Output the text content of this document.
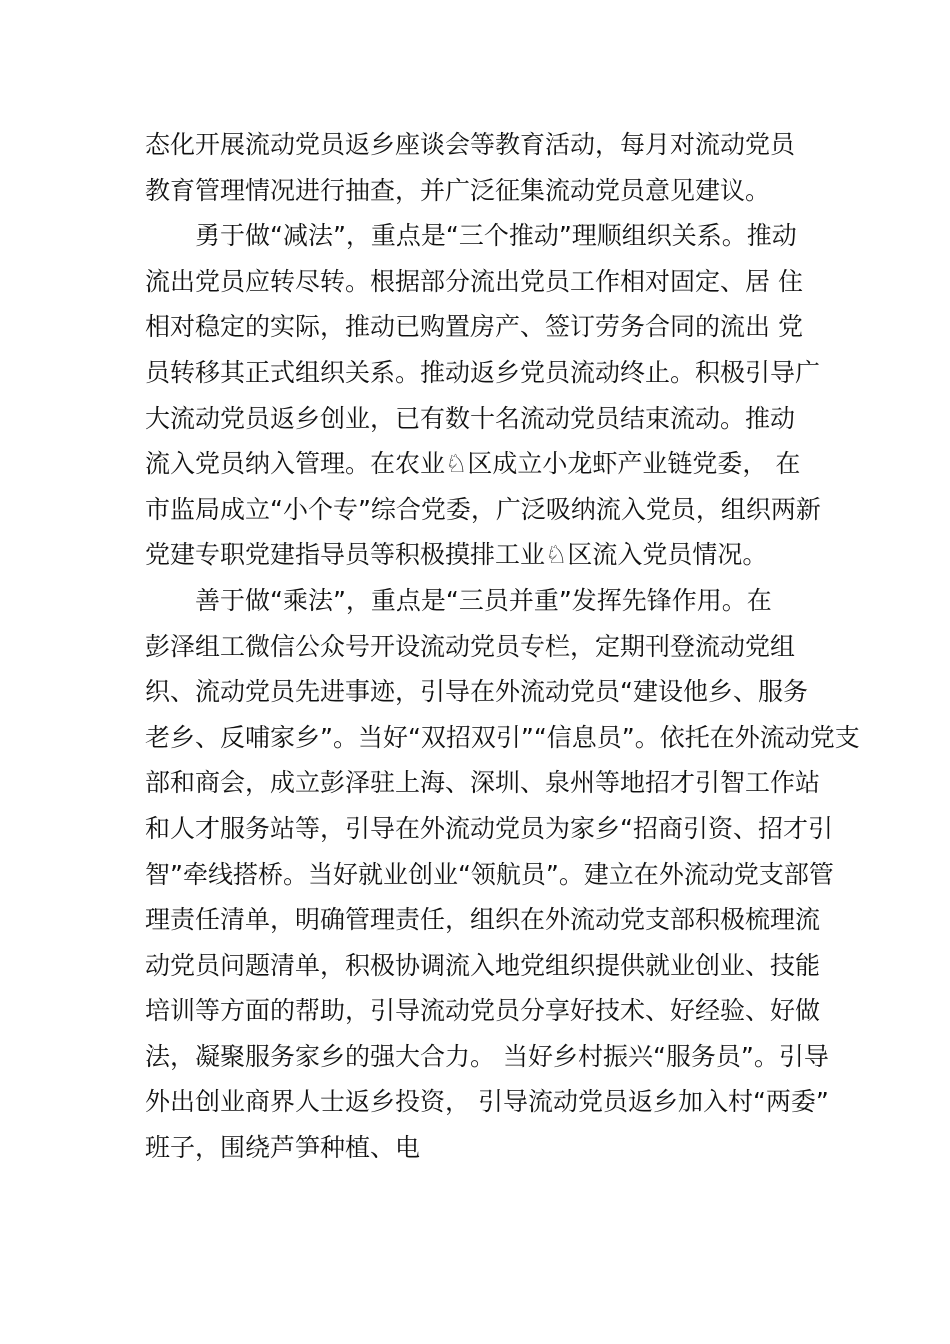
态化开展流动党员返乡座谈会等教育活动，每月对流动党员
教育管理情况进行抽查，并广泛征集流动党员意见建议。
勇于做“减法”，重点是“三个推动”理顺组织关系。推动
流出党员应转尽转。根据部分流出党员工作相对固定、居 住
相对稳定的实际，推动已购置房产、签订劳务合同的流出 党
员转移其正式组织关系。推动返乡党员流动终止。积极引导广
大流动党员返乡创业，已有数十名流动党员结束流动。推动
流入党员纳入管理。在农业♘区成立小龙虾产业链党委， 在
市监局成立“小个专”综合党委，广泛吸纳流入党员，组织两新
党建专职党建指导员等积极摸排工业♘区流入党员情况。
善于做“乘法”，重点是“三员并重”发挥先锋作用。在
彭泽组工微信公众号开设流动党员专栏，定期刊登流动党组
织、流动党员先进事迹，引导在外流动党员“建设他乡、服务
老乡、反哺家乡”。当好“双招双引”“信息员”。依托在外流动党支
部和商会，成立彭泽驻上海、深圳、泉州等地招才引智工作站
和人才服务站等，引导在外流动党员为家乡“招商引资、招才引
智”牵线搭桥。当好就业创业“领航员”。建立在外流动党支部管
理责任清单，明确管理责任，组织在外流动党支部积极梳理流
动党员问题清单，积极协调流入地党组织提供就业创业、技能
培训等方面的帮助，引导流动党员分享好技术、好经验、好做
法，凝聚服务家乡的强大合力。 当好乡村振兴“服务员”。引导
外出创业商界人士返乡投资， 引导流动党员返乡加入村“两委”
班子，围绕芦笋种植、电
